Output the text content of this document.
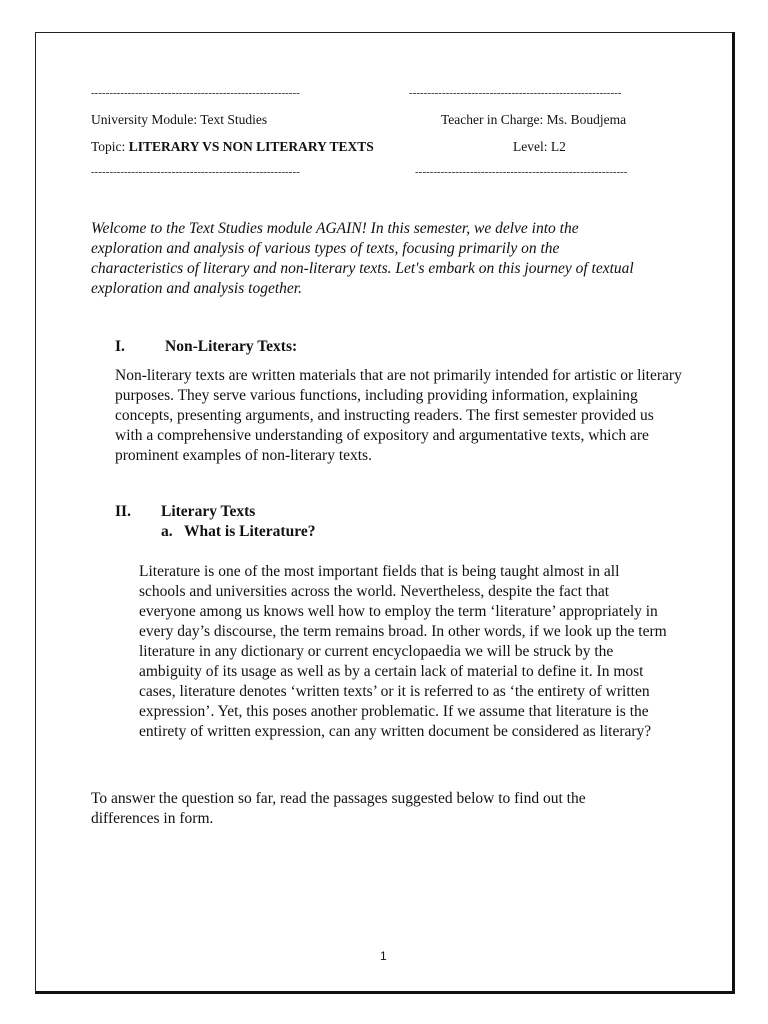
---------------------------------------------------------	----------------------------------------------------------
University Module: Text Studies	Teacher in Charge: Ms. Boudjema
Topic: LITERARY VS NON LITERARY TEXTS	Level: L2
---------------------------------------------------------	----------------------------------------------------------
Welcome to the Text Studies module AGAIN! In this semester, we delve into the exploration and analysis of various types of texts, focusing primarily on the characteristics of literary and non-literary texts. Let's embark on this journey of textual exploration and analysis together.
I.	Non-Literary Texts:
Non-literary texts are written materials that are not primarily intended for artistic or literary purposes. They serve various functions, including providing information, explaining concepts, presenting arguments, and instructing readers. The first semester provided us with a comprehensive understanding of expository and argumentative texts, which are prominent examples of non-literary texts.
II. Literary Texts
a. What is Literature?
Literature is one of the most important fields that is being taught almost in all schools and universities across the world. Nevertheless, despite the fact that everyone among us knows well how to employ the term ‘literature’ appropriately in every day’s discourse, the term remains broad. In other words, if we look up the term literature in any dictionary or current encyclopaedia we will be struck by the ambiguity of its usage as well as by a certain lack of material to define it. In most cases, literature denotes ‘written texts’ or it is referred to as ‘the entirety of written expression’. Yet, this poses another problematic. If we assume that literature is the entirety of written expression, can any written document be considered as literary?
To answer the question so far, read the passages suggested below to find out the differences in form.
1
